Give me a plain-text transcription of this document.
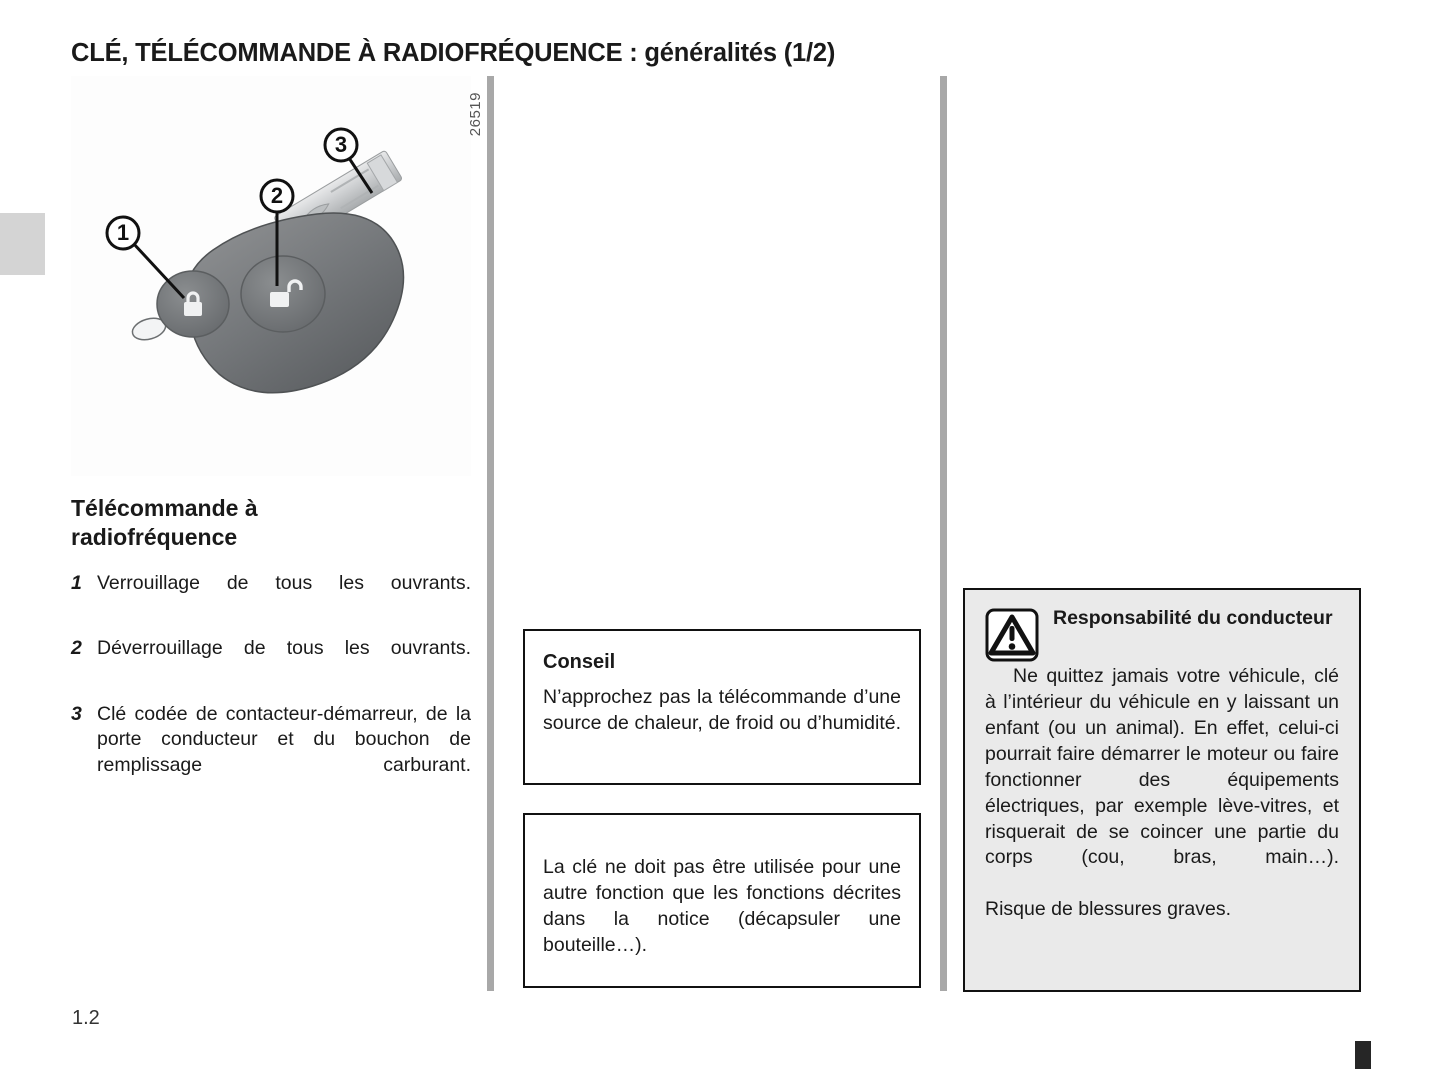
CLÉ, TÉLÉCOMMANDE À RADIOFRÉQUENCE : généralités (1/2)
1
2
3
26519
Télécommande à radiofréquence
1 Verrouillage de tous les ouvrants.
2 Déverrouillage de tous les ouvrants.
3 Clé codée de contacteur-démarreur, de la porte conducteur et du bouchon de remplissage carburant.
Conseil
N’approchez pas la télécommande d’une source de chaleur, de froid ou d’humidité.
La clé ne doit pas être utilisée pour une autre fonction que les fonctions décrites dans la notice (décapsuler une bouteille…).
Responsabilité du conducteur
Ne quittez jamais votre véhicule, clé à l’intérieur du véhicule en y laissant un enfant (ou un animal). En effet, celui-ci pourrait faire démarrer le moteur ou faire fonctionner des équipements électriques, par exemple lève-vitres, et risquerait de se coincer une partie du corps (cou, bras, main…).
Risque de blessures graves.
1.2
